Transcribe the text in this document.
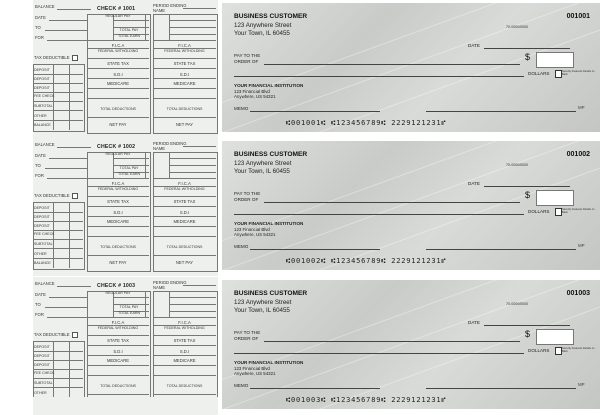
BALANCE	CHECK # 1001
PERIOD ENDING
NAME
DATE
TO
FOR
REGULAR PAY
TOTAL PAY
TOTAL EARN
F.I.C.A
FEDERAL WITHOLDING
STATE TAX
S.D.I
MEDICARE
TOTAL DEDUCTIONS
NET PAY
F.I.C.A
FEDERAL WITHOLDING
STATE TAX
S.D.I
MEDICARE
TOTAL DEDUCTIONS
NET PAY
TAX DEDUCTIBLE
DEPOSIT
DEPOSIT
DEPOSIT
FEE CHECK
SUBTOTAL
OTHER
BALANCE
BUSINESS CUSTOMER
123 Anywhere Street
Your Town, IL 60455
001001
70-0000/0000
DATE
PAY TO THE
ORDER OF	$
DOLLARS	Security Features Details on Back
YOUR FINANCIAL INSTITUTION
123 Financial Blvd
Anywhere, US 54321
MEMO	MP
⑆001001⑆ ⑆123456789⑆ 2229121231⑈
BALANCE	CHECK # 1002
PERIOD ENDING
NAME
DATE
TO
FOR
REGULAR PAY
TOTAL PAY
TOTAL EARN
F.I.C.A
FEDERAL WITHOLDING
STATE TAX
S.D.I
MEDICARE
TOTAL DEDUCTIONS
NET PAY
F.I.C.A
FEDERAL WITHOLDING
STATE TAX
S.D.I
MEDICARE
TOTAL DEDUCTIONS
NET PAY
TAX DEDUCTIBLE
DEPOSIT
DEPOSIT
DEPOSIT
FEE CHECK
SUBTOTAL
OTHER
BALANCE
BUSINESS CUSTOMER
123 Anywhere Street
Your Town, IL 60455
001002
70-0000/0000
DATE
PAY TO THE
ORDER OF	$
DOLLARS	Security Features Details on Back
YOUR FINANCIAL INSTITUTION
123 Financial Blvd
Anywhere, US 54321
MEMO	MP
⑆001002⑆ ⑆123456789⑆ 2229121231⑈
BALANCE	CHECK # 1003
PERIOD ENDING
NAME
DATE
TO
FOR
REGULAR PAY
TOTAL PAY
TOTAL EARN
F.I.C.A
FEDERAL WITHOLDING
STATE TAX
S.D.I
MEDICARE
TOTAL DEDUCTIONS
F.I.C.A
FEDERAL WITHOLDING
STATE TAX
S.D.I
MEDICARE
TOTAL DEDUCTIONS
TAX DEDUCTIBLE
DEPOSIT
DEPOSIT
DEPOSIT
FEE CHECK
SUBTOTAL
OTHER
BUSINESS CUSTOMER
123 Anywhere Street
Your Town, IL 60455
001003
70-0000/0000
DATE
PAY TO THE
ORDER OF	$
DOLLARS	Security Features Details on Back
YOUR FINANCIAL INSTITUTION
123 Financial Blvd
Anywhere, US 54321
MEMO	MP
⑆001003⑆ ⑆123456789⑆ 2229121231⑈
